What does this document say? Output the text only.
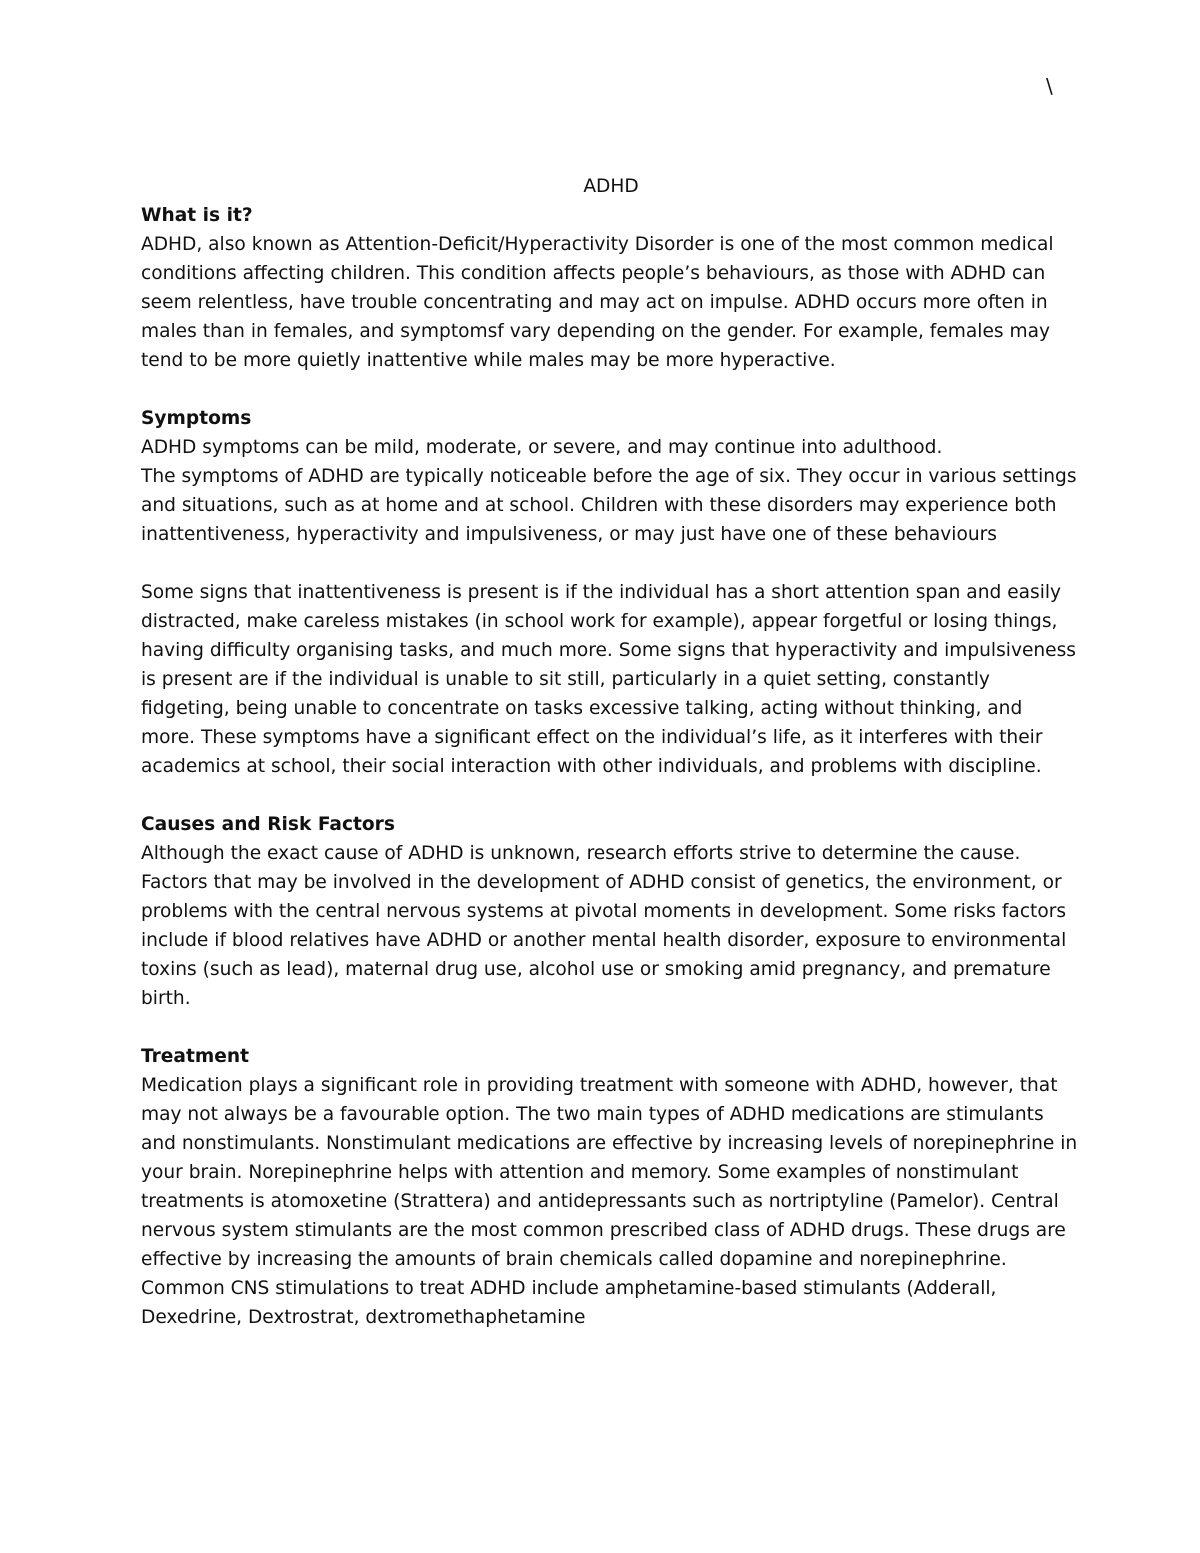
\
ADHD
What is it?

ADHD, also known as Attention-Deficit/Hyperactivity Disorder is one of the most common medical conditions affecting children. This condition affects people’s behaviours, as those with ADHD can seem relentless, have trouble concentrating and may act on impulse. ADHD occurs more often in males than in females, and symptomsf vary depending on the gender. For example, females may tend to be more quietly inattentive while males may be more hyperactive.

Symptoms

ADHD symptoms can be mild, moderate, or severe, and may continue into adulthood.

The symptoms of ADHD are typically noticeable before the age of six. They occur in various settings and situations, such as at home and at school. Children with these disorders may experience both inattentiveness, hyperactivity and impulsiveness, or may just have one of these behaviours

Some signs that inattentiveness is present is if the individual has a short attention span and easily distracted, make careless mistakes (in school work for example), appear forgetful or losing things, having difficulty organising tasks, and much more. Some signs that hyperactivity and impulsiveness is present are if the individual is unable to sit still, particularly in a quiet setting, constantly fidgeting, being unable to concentrate on tasks excessive talking, acting without thinking, and more. These symptoms have a significant effect on the individual’s life, as it interferes with their academics at school, their social interaction with other individuals, and problems with discipline.

Causes and Risk Factors

Although the exact cause of ADHD is unknown, research efforts strive to determine the cause. Factors that may be involved in the development of ADHD consist of genetics, the environment, or problems with the central nervous systems at pivotal moments in development. Some risks factors include if blood relatives have ADHD or another mental health disorder, exposure to environmental toxins (such as lead), maternal drug use, alcohol use or smoking amid pregnancy, and premature birth.

Treatment

Medication plays a significant role in providing treatment with someone with ADHD, however, that may not always be a favourable option. The two main types of ADHD medications are stimulants and nonstimulants. Nonstimulant medications are effective by increasing levels of norepinephrine in your brain. Norepinephrine helps with attention and memory. Some examples of nonstimulant treatments is atomoxetine (Strattera) and antidepressants such as nortriptyline (Pamelor). Central nervous system stimulants are the most common prescribed class of ADHD drugs. These drugs are effective by increasing the amounts of brain chemicals called dopamine and norepinephrine. Common CNS stimulations to treat ADHD include amphetamine-based stimulants (Adderall, Dexedrine, Dextrostrat, dextromethaphetamine
